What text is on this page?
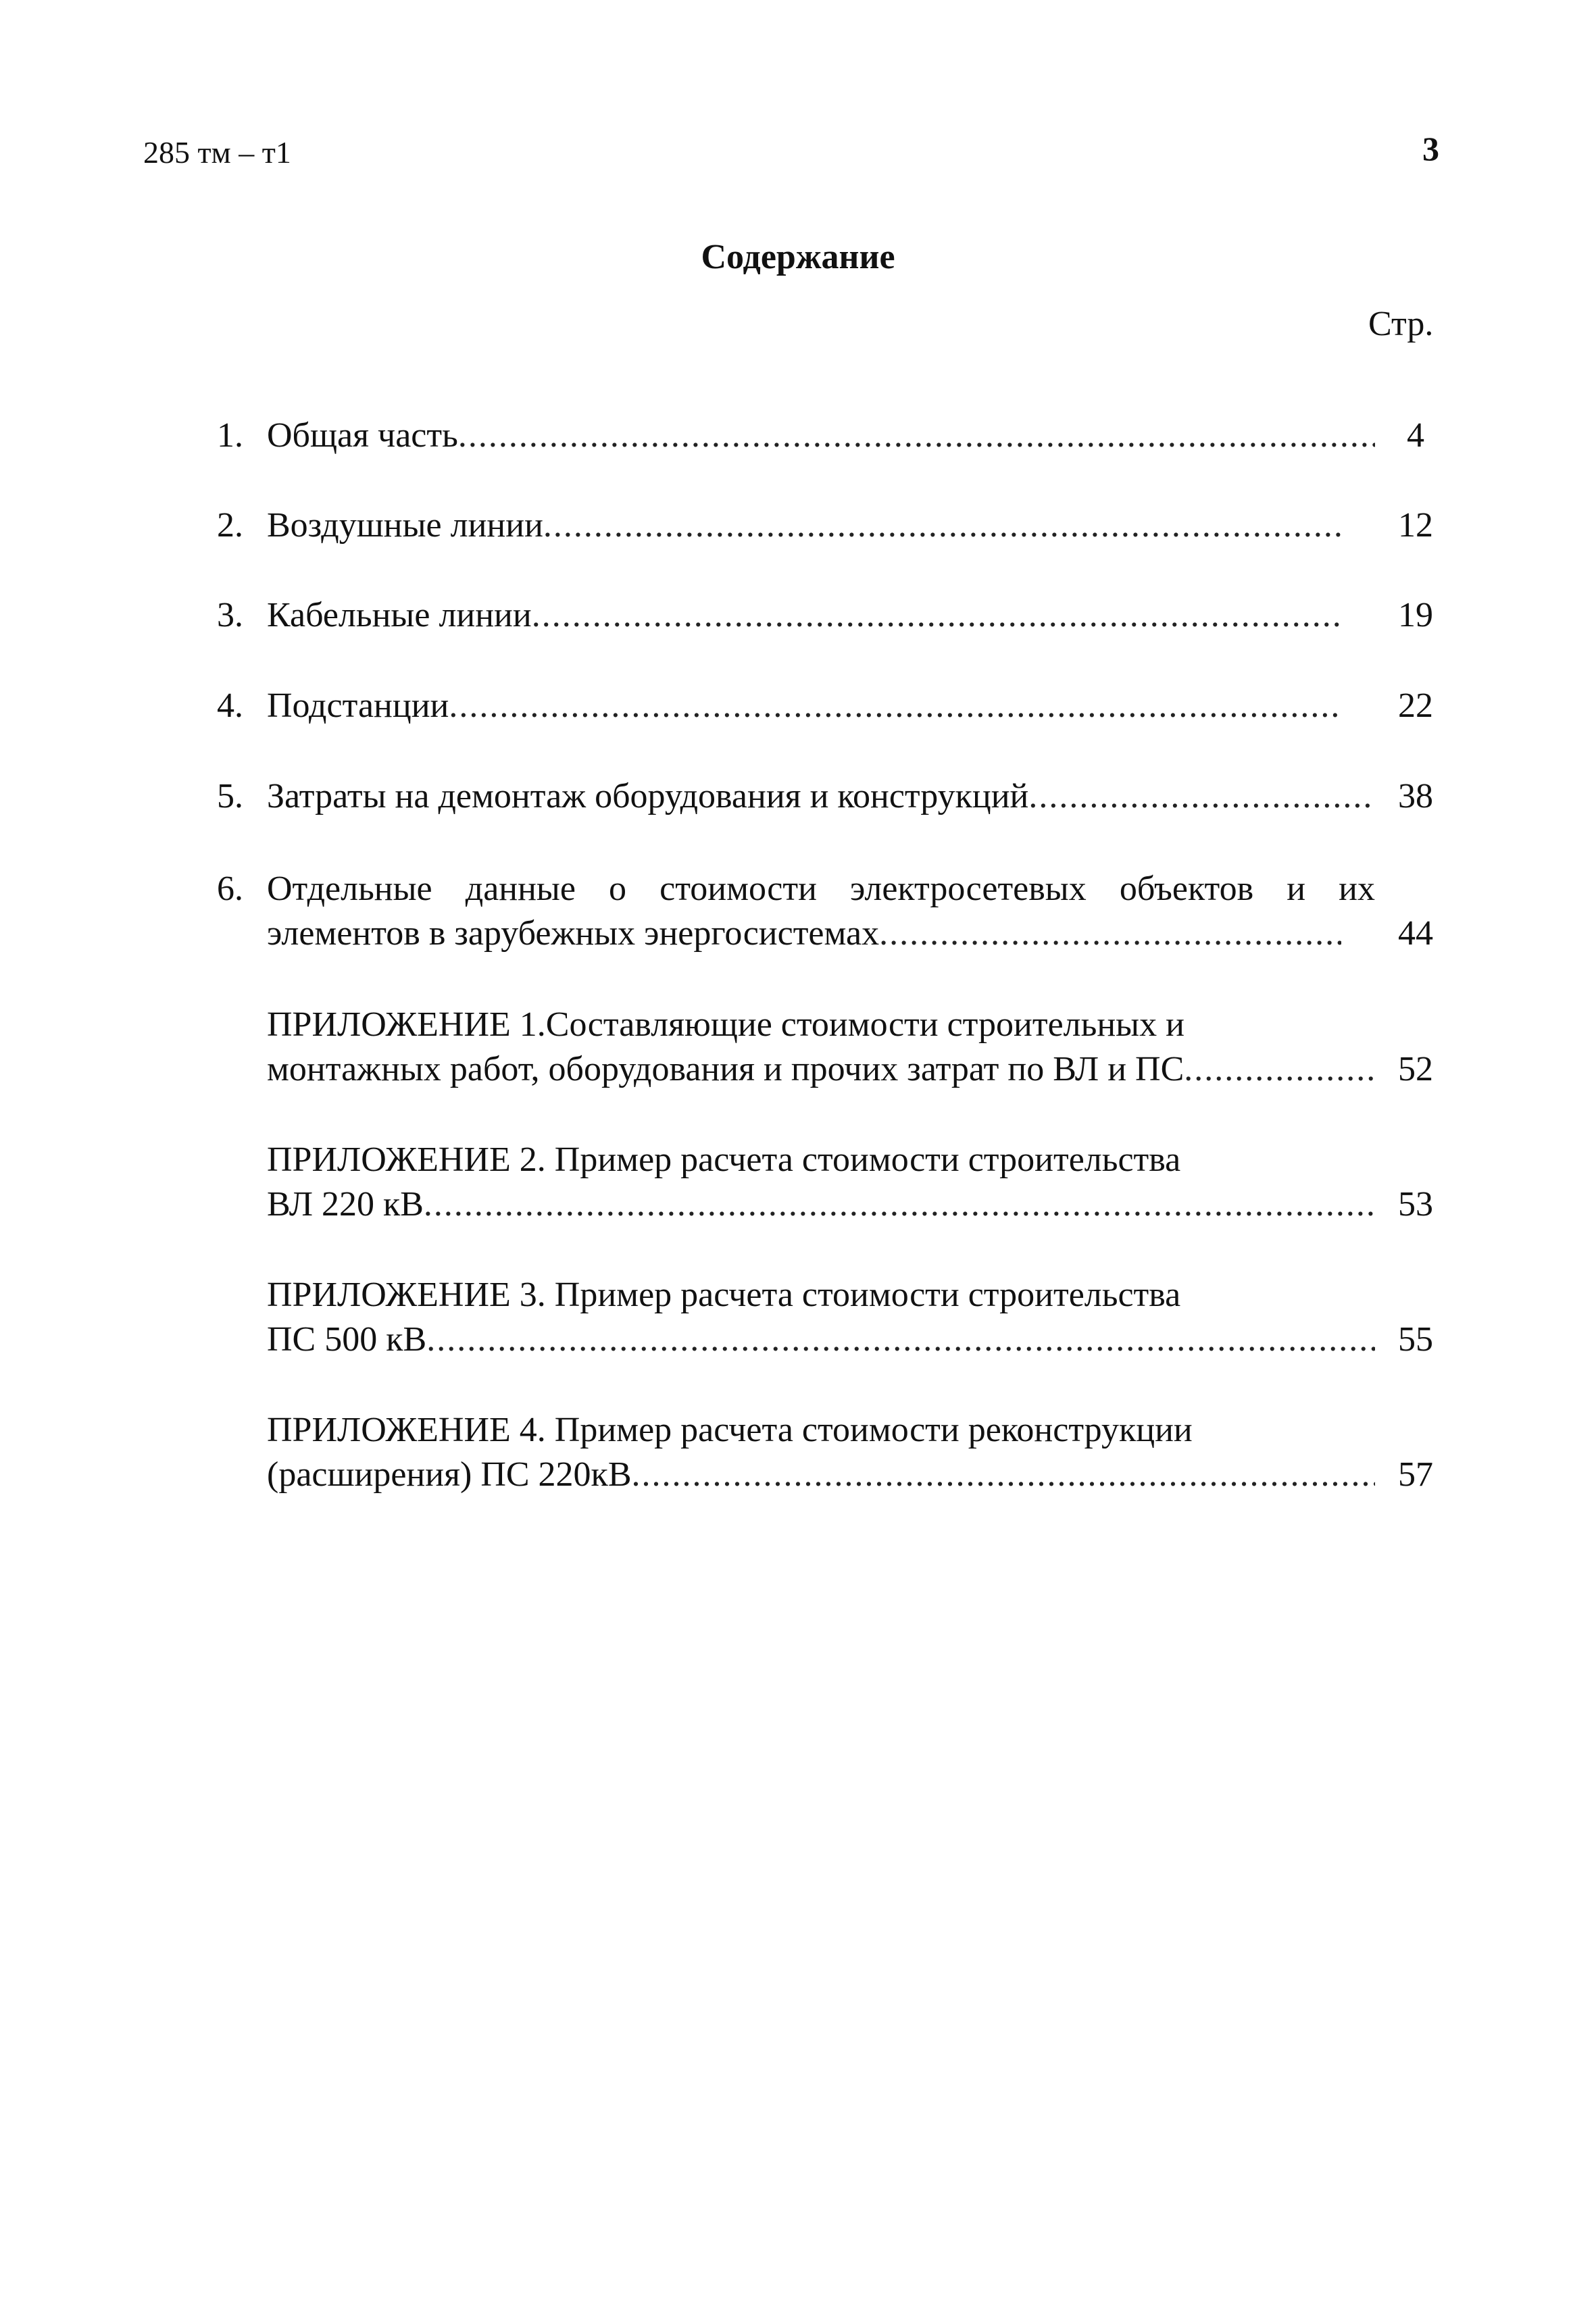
285 тм – т1	3
Содержание
Стр.
1. Общая часть .....	4
2. Воздушные линии .....	12
3. Кабельные линии .....	19
4. Подстанции .....	22
5. Затраты на демонтаж оборудования и конструкций .....	38
6. Отдельные данные о стоимости электросетевых объектов и их
элементов в зарубежных энергосистемах .....	44
ПРИЛОЖЕНИЕ 1.Составляющие стоимости строительных и
монтажных работ, оборудования и прочих затрат по ВЛ и ПС .....	52
ПРИЛОЖЕНИЕ 2. Пример расчета стоимости строительства
ВЛ 220 кВ .....	53
ПРИЛОЖЕНИЕ 3. Пример расчета стоимости строительства
ПС 500 кВ .....	55
ПРИЛОЖЕНИЕ 4. Пример расчета стоимости реконструкции
(расширения) ПС 220кВ .....	57
